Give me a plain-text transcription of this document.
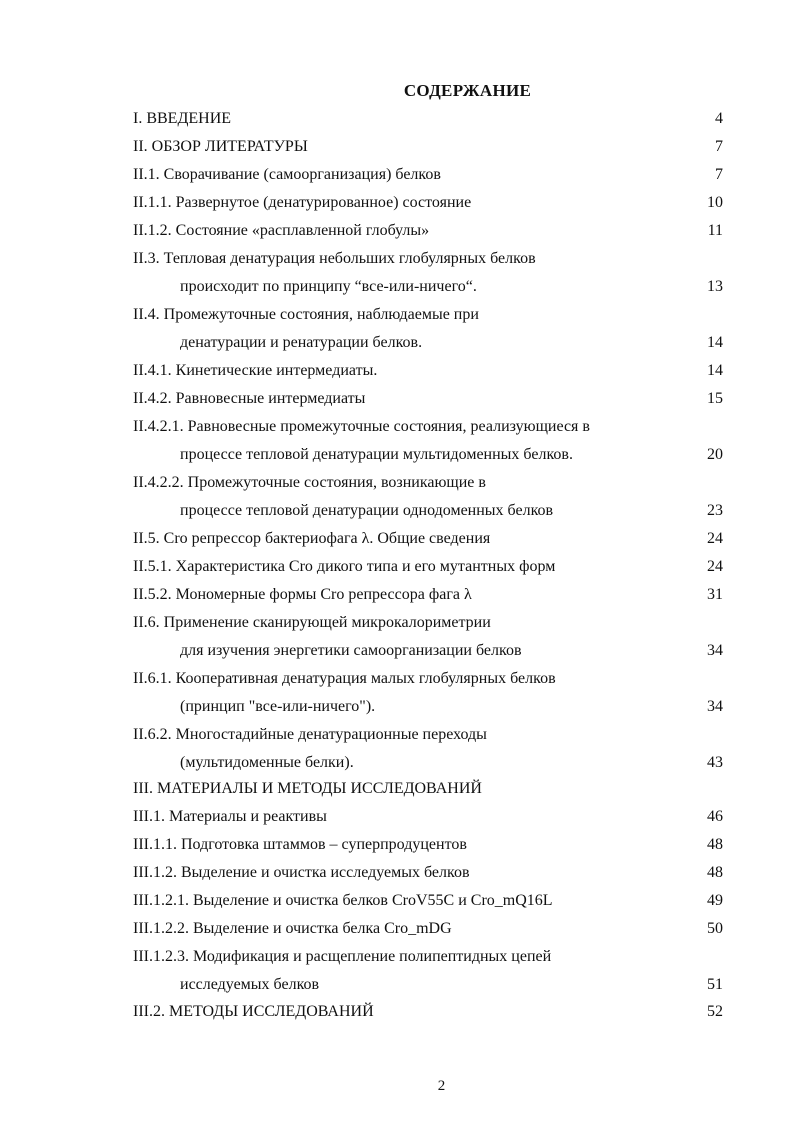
СОДЕРЖАНИЕ
I. ВВЕДЕНИЕ	4
II. ОБЗОР ЛИТЕРАТУРЫ	7
II.1. Сворачивание (самоорганизация) белков	7
II.1.1. Развернутое (денатурированное) состояние	10
II.1.2. Состояние «расплавленной глобулы»	11
II.3. Тепловая денатурация небольших глобулярных белков
происходит по принципу “все-или-ничего“.	13
II.4. Промежуточные состояния, наблюдаемые при
денатурации и ренатурации белков.	14
II.4.1. Кинетические интермедиаты.	14
II.4.2. Равновесные интермедиаты	15
II.4.2.1. Равновесные промежуточные состояния, реализующиеся в
процессе тепловой денатурации мультидоменных белков.	20
II.4.2.2. Промежуточные состояния, возникающие в
процессе тепловой денатурации однодоменных белков	23
II.5. Cro репрессор бактериофага λ. Общие сведения	24
II.5.1. Характеристика Cro дикого типа и его мутантных форм	24
II.5.2. Мономерные формы Cro репрессора фага λ	31
II.6. Применение сканирующей микрокалориметрии
для изучения энергетики самоорганизации белков	34
II.6.1. Кооперативная денатурация малых глобулярных белков
(принцип "все-или-ничего").	34
II.6.2. Многостадийные денатурационные переходы
(мультидоменные белки).	43
III. МАТЕРИАЛЫ И МЕТОДЫ ИССЛЕДОВАНИЙ
III.1. Материалы и реактивы	46
III.1.1. Подготовка штаммов – суперпродуцентов	48
III.1.2. Выделение и очистка исследуемых белков	48
III.1.2.1. Выделение и очистка белков CroV55C и Cro_mQ16L	49
III.1.2.2. Выделение и очистка белка Cro_mDG	50
III.1.2.3. Модификация и расщепление полипептидных цепей
исследуемых белков	51
III.2. МЕТОДЫ ИССЛЕДОВАНИЙ	52
2
